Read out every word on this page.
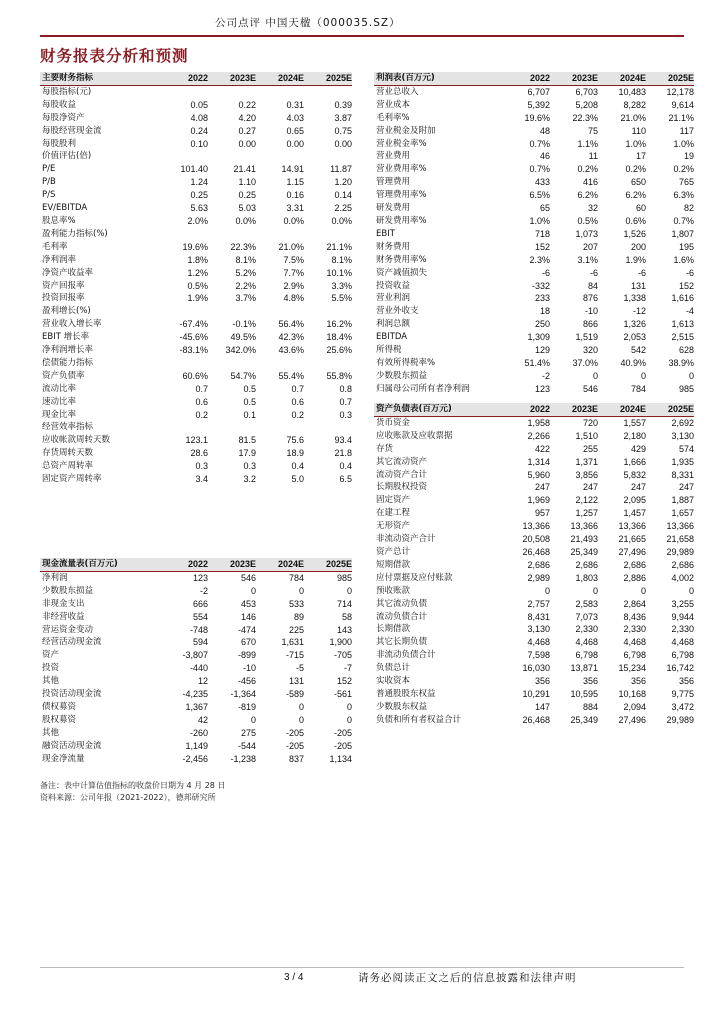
公司点评 中国天楹（000035.SZ）
财务报表分析和预测
主要财务指标	2022	2023E	2024E	2025E
每股指标(元)				
每股收益	0.05	0.22	0.31	0.39
每股净资产	4.08	4.20	4.03	3.87
每股经营现金流	0.24	0.27	0.65	0.75
每股股利	0.10	0.00	0.00	0.00
价值评估(倍)				
P/E	101.40	21.41	14.91	11.87
P/B	1.24	1.10	1.15	1.20
P/S	0.25	0.25	0.16	0.14
EV/EBITDA	5.63	5.03	3.31	2.25
股息率%	2.0%	0.0%	0.0%	0.0%
盈利能力指标(%)				
毛利率	19.6%	22.3%	21.0%	21.1%
净利润率	1.8%	8.1%	7.5%	8.1%
净资产收益率	1.2%	5.2%	7.7%	10.1%
资产回报率	0.5%	2.2%	2.9%	3.3%
投资回报率	1.9%	3.7%	4.8%	5.5%
盈利增长(%)				
营业收入增长率	-67.4%	-0.1%	56.4%	16.2%
EBIT 增长率	-45.6%	49.5%	42.3%	18.4%
净利润增长率	-83.1%	342.0%	43.6%	25.6%
偿债能力指标				
资产负债率	60.6%	54.7%	55.4%	55.8%
流动比率	0.7	0.5	0.7	0.8
速动比率	0.6	0.5	0.6	0.7
现金比率	0.2	0.1	0.2	0.3
经营效率指标				
应收帐款周转天数	123.1	81.5	75.6	93.4
存货周转天数	28.6	17.9	18.9	21.8
总资产周转率	0.3	0.3	0.4	0.4
固定资产周转率	3.4	3.2	5.0	6.5
利润表(百万元)	2022	2023E	2024E	2025E
营业总收入	6,707	6,703	10,483	12,178
营业成本	5,392	5,208	8,282	9,614
毛利率%	19.6%	22.3%	21.0%	21.1%
营业税金及附加	48	75	110	117
营业税金率%	0.7%	1.1%	1.0%	1.0%
营业费用	46	11	17	19
营业费用率%	0.7%	0.2%	0.2%	0.2%
管理费用	433	416	650	765
管理费用率%	6.5%	6.2%	6.2%	6.3%
研发费用	65	32	60	82
研发费用率%	1.0%	0.5%	0.6%	0.7%
EBIT	718	1,073	1,526	1,807
财务费用	152	207	200	195
财务费用率%	2.3%	3.1%	1.9%	1.6%
资产减值损失	-6	-6	-6	-6
投资收益	-332	84	131	152
营业利润	233	876	1,338	1,616
营业外收支	18	-10	-12	-4
利润总额	250	866	1,326	1,613
EBITDA	1,309	1,519	2,053	2,515
所得税	129	320	542	628
有效所得税率%	51.4%	37.0%	40.9%	38.9%
少数股东损益	-2	0	0	0
归属母公司所有者净利润	123	546	784	985
资产负债表(百万元)	2022	2023E	2024E	2025E
货币资金	1,958	720	1,557	2,692
应收账款及应收票据	2,266	1,510	2,180	3,130
存货	422	255	429	574
其它流动资产	1,314	1,371	1,666	1,935
流动资产合计	5,960	3,856	5,832	8,331
长期股权投资	247	247	247	247
固定资产	1,969	2,122	2,095	1,887
在建工程	957	1,257	1,457	1,657
无形资产	13,366	13,366	13,366	13,366
非流动资产合计	20,508	21,493	21,665	21,658
资产总计	26,468	25,349	27,496	29,989
短期借款	2,686	2,686	2,686	2,686
应付票据及应付账款	2,989	1,803	2,886	4,002
预收账款	0	0	0	0
其它流动负债	2,757	2,583	2,864	3,255
流动负债合计	8,431	7,073	8,436	9,944
长期借款	3,130	2,330	2,330	2,330
其它长期负债	4,468	4,468	4,468	4,468
非流动负债合计	7,598	6,798	6,798	6,798
负债总计	16,030	13,871	15,234	16,742
实收资本	356	356	356	356
普通股股东权益	10,291	10,595	10,168	9,775
少数股东权益	147	884	2,094	3,472
负债和所有者权益合计	26,468	25,349	27,496	29,989
现金流量表(百万元)	2022	2023E	2024E	2025E
净利润	123	546	784	985
少数股东损益	-2	0	0	0
非现金支出	666	453	533	714
非经营收益	554	146	89	58
营运资金变动	-748	-474	225	143
经营活动现金流	594	670	1,631	1,900
资产	-3,807	-899	-715	-705
投资	-440	-10	-5	-7
其他	12	-456	131	152
投资活动现金流	-4,235	-1,364	-589	-561
债权募资	1,367	-819	0	0
股权募资	42	0	0	0
其他	-260	275	-205	-205
融资活动现金流	1,149	-544	-205	-205
现金净流量	-2,456	-1,238	837	1,134
备注：表中计算估值指标的收盘价日期为 4 月 28 日
资料来源：公司年报（2021-2022），德邦研究所
3 / 4	请务必阅读正文之后的信息披露和法律声明
